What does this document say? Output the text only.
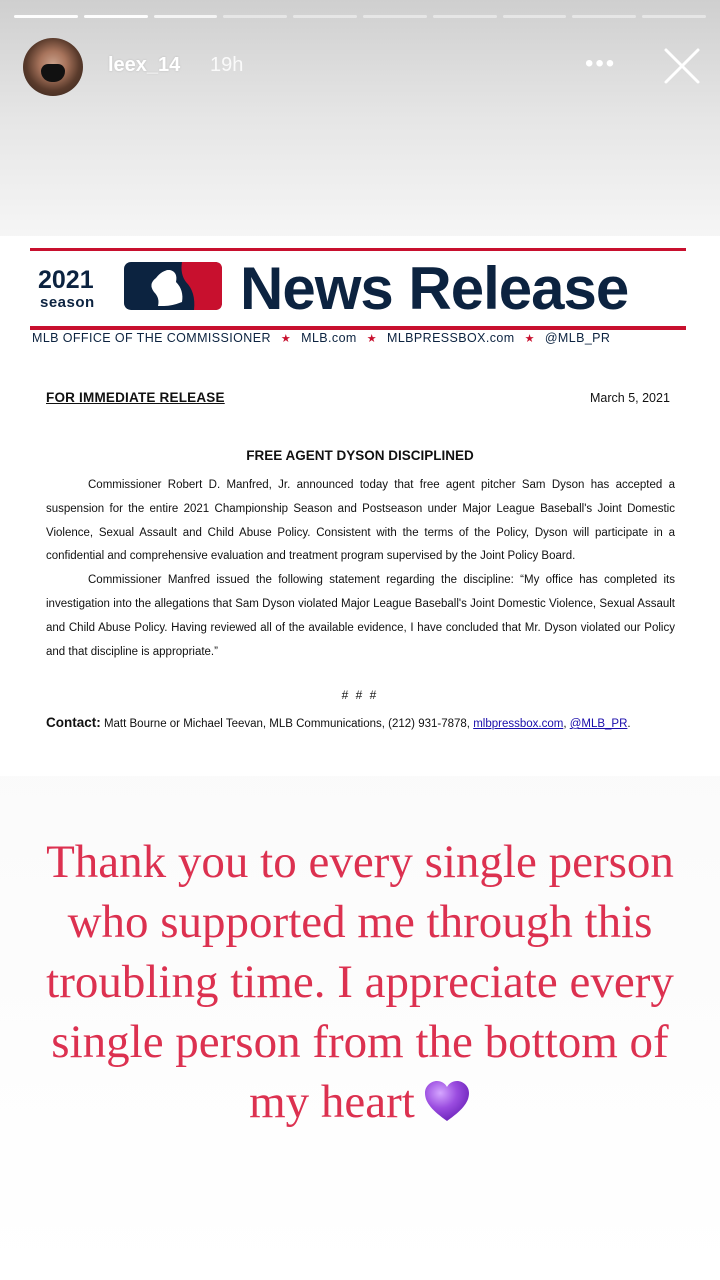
leex_14 19h	•••
2021
season News Release
MLB OFFICE OF THE COMMISSIONER ★ MLB.com ★ MLBPRESSBOX.com ★ @MLB_PR
FOR IMMEDIATE RELEASE	March 5, 2021
FREE AGENT DYSON DISCIPLINED

Commissioner Robert D. Manfred, Jr. announced today that free agent pitcher Sam Dyson has accepted a suspension for the entire 2021 Championship Season and Postseason under Major League Baseball's Joint Domestic Violence, Sexual Assault and Child Abuse Policy. Consistent with the terms of the Policy, Dyson will participate in a confidential and comprehensive evaluation and treatment program supervised by the Joint Policy Board.

Commissioner Manfred issued the following statement regarding the discipline: “My office has completed its investigation into the allegations that Sam Dyson violated Major League Baseball's Joint Domestic Violence, Sexual Assault and Child Abuse Policy. Having reviewed all of the available evidence, I have concluded that Mr. Dyson violated our Policy and that discipline is appropriate.”

# # #
Contact: Matt Bourne or Michael Teevan, MLB Communications, (212) 931-7878, mlbpressbox.com, @MLB_PR.
Thank you to every single person who supported me through this troubling time. I appreciate every single person from the bottom of my heart
